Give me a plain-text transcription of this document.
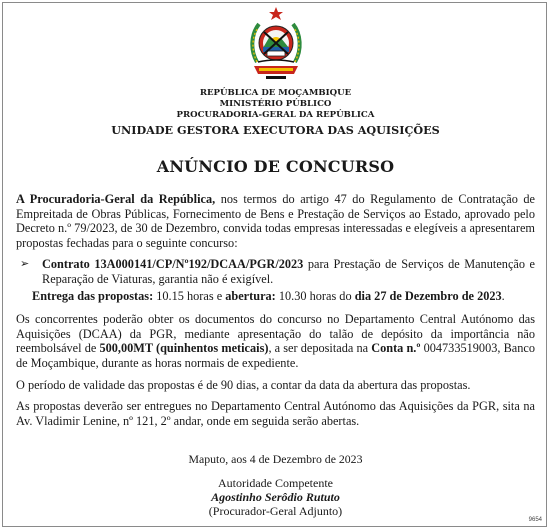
REPÚBLICA DE MOÇAMBIQUE
MINISTÉRIO PÚBLICO
PROCURADORIA-GERAL DA REPÚBLICA
UNIDADE GESTORA EXECUTORA DAS AQUISIÇÕES
ANÚNCIO DE CONCURSO

A Procuradoria-Geral da República, nos termos do artigo 47 do Regulamento de Contratação de Empreitada de Obras Públicas, Fornecimento de Bens e Prestação de Serviços ao Estado, aprovado pelo Decreto n.º 79/2023, de 30 de Dezembro, convida todas empresas interessadas e elegíveis a apresentarem propostas fechadas para o seguinte concurso:

➢	Contrato 13A000141/CP/Nº192/DCAA/PGR/2023 para Prestação de Serviços de Manutenção e Reparação de Viaturas, garantia não é exigível.

Entrega das propostas: 10.15 horas e abertura: 10.30 horas do dia 27 de Dezembro de 2023.

Os concorrentes poderão obter os documentos do concurso no Departamento Central Autónomo das Aquisições (DCAA) da PGR, mediante apresentação do talão de depósito da importância não reembolsável de 500,00MT (quinhentos meticais), a ser depositada na Conta n.º 004733519003, Banco de Moçambique, durante as horas normais de expediente.

O período de validade das propostas é de 90 dias, a contar da data da abertura das propostas.

As propostas deverão ser entregues no Departamento Central Autónomo das Aquisições da PGR, sita na Av. Vladimir Lenine, nº 121, 2º andar, onde em seguida serão abertas.

Maputo, aos 4 de Dezembro de 2023
Autoridade Competente
Agostinho Serôdio Rututo
(Procurador-Geral Adjunto)
9654
